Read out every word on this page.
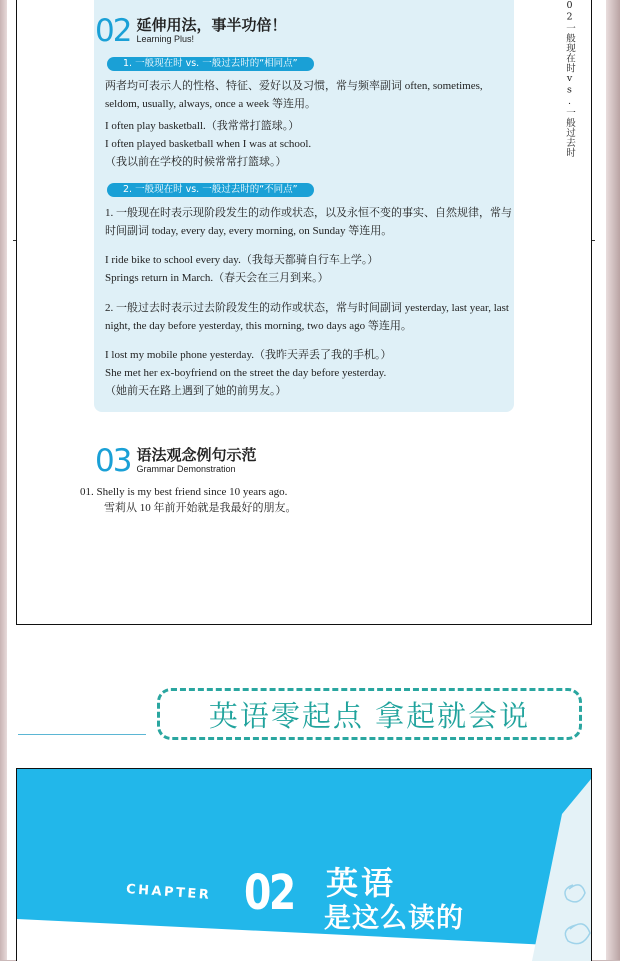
02一般现在时vs.一般过去时
02 延伸用法，事半功倍！
Learning Plus!
1. 一般现在时 vs. 一般过去时的“相同点”

两者均可表示人的性格、特征、爱好以及习惯，常与频率副词 often, sometimes, seldom, usually, always, once a week 等连用。

I often play basketball.（我常常打篮球。）

I often played basketball when I was at school.

（我以前在学校的时候常常打篮球。）

2. 一般现在时 vs. 一般过去时的“不同点”

1. 一般现在时表示现阶段发生的动作或状态，以及永恒不变的事实、自然规律，常与时间副词 today, every day, every morning, on Sunday 等连用。

I ride bike to school every day.（我每天都骑自行车上学。）

Springs return in March.（春天会在三月到来。）

2. 一般过去时表示过去阶段发生的动作或状态，常与时间副词 yesterday, last year, last night, the day before yesterday, this morning, two days ago 等连用。

I lost my mobile phone yesterday.（我昨天弄丢了我的手机。）

She met her ex-boyfriend on the street the day before yesterday.

（她前天在路上遇到了她的前男友。）

03 语法观念例句示范
Grammar Demonstration

01. Shelly is my best friend since 10 years ago.

雪莉从 10 年前开始就是我最好的朋友。

英语零起点 拿起就会说
CHAPTER 02 英语
是这么读的
